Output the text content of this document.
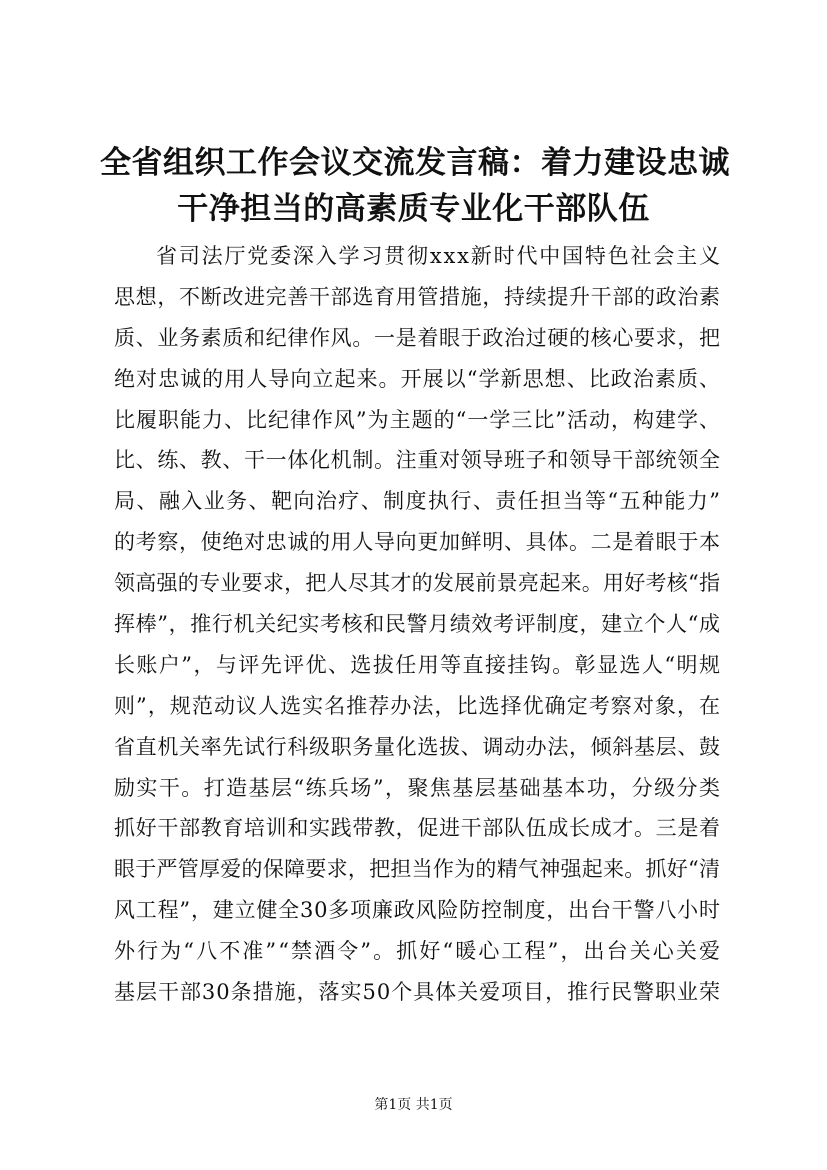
全省组织工作会议交流发言稿：着力建设忠诚
干净担当的高素质专业化干部队伍
省司法厅党委深入学习贯彻xxx新时代中国特色社会主义
思想，不断改进完善干部选育用管措施，持续提升干部的政治素
质、业务素质和纪律作风。一是着眼于政治过硬的核心要求，把
绝对忠诚的用人导向立起来。开展以“学新思想、比政治素质、
比履职能力、比纪律作风”为主题的“一学三比”活动，构建学、
比、练、教、干一体化机制。注重对领导班子和领导干部统领全
局、融入业务、靶向治疗、制度执行、责任担当等“五种能力”
的考察，使绝对忠诚的用人导向更加鲜明、具体。二是着眼于本
领高强的专业要求，把人尽其才的发展前景亮起来。用好考核“指
挥棒”，推行机关纪实考核和民警月绩效考评制度，建立个人“成
长账户”，与评先评优、选拔任用等直接挂钩。彰显选人“明规
则”，规范动议人选实名推荐办法，比选择优确定考察对象，在
省直机关率先试行科级职务量化选拔、调动办法，倾斜基层、鼓
励实干。打造基层“练兵场”，聚焦基层基础基本功，分级分类
抓好干部教育培训和实践带教，促进干部队伍成长成才。三是着
眼于严管厚爱的保障要求，把担当作为的精气神强起来。抓好“清
风工程”，建立健全30多项廉政风险防控制度，出台干警八小时
外行为“八不准”“禁酒令”。抓好“暖心工程”，出台关心关爱
基层干部30条措施，落实50个具体关爱项目，推行民警职业荣
第1页 共1页
